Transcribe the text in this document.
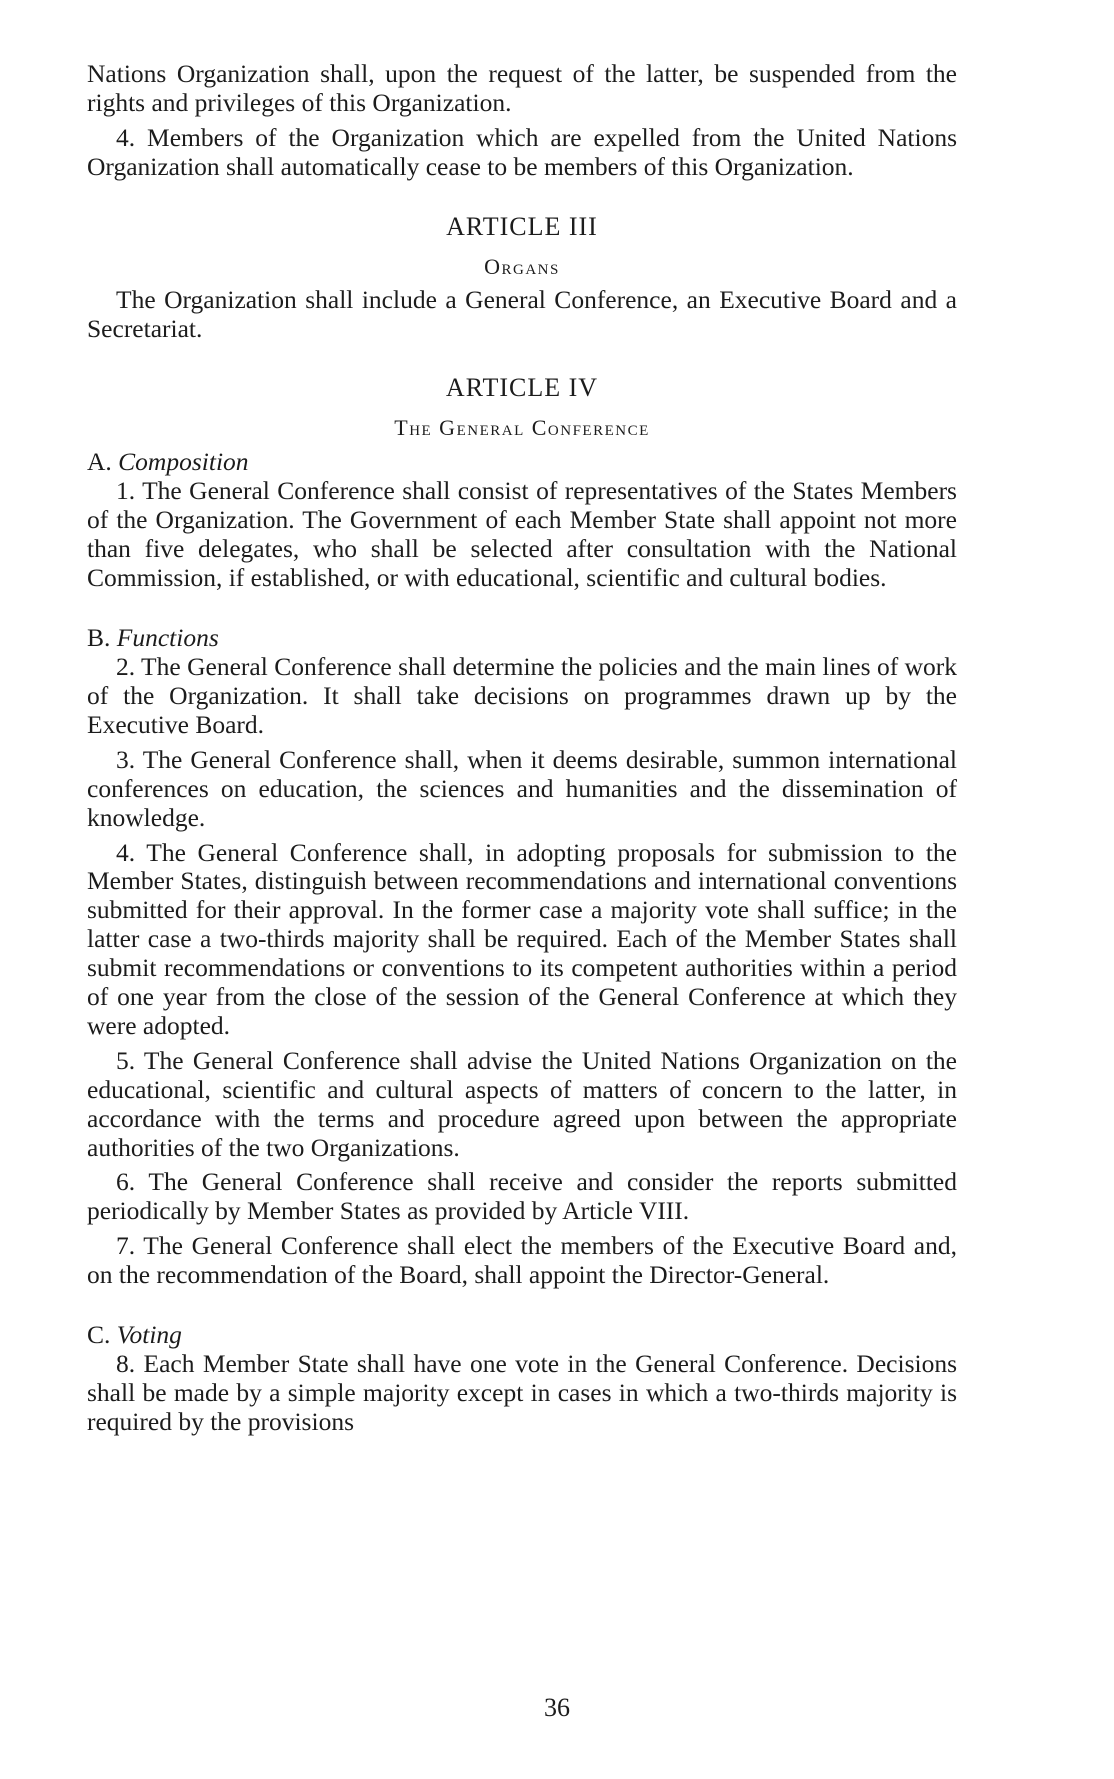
Nations Organization shall, upon the request of the latter, be suspended from the rights and privileges of this Organization.

4. Members of the Organization which are expelled from the United Nations Organization shall automatically cease to be members of this Organization.

ARTICLE III
Organs

The Organization shall include a General Conference, an Executive Board and a Secretariat.

ARTICLE IV
The General Conference
A. Composition

1. The General Conference shall consist of representatives of the States Members of the Organization. The Government of each Member State shall appoint not more than five delegates, who shall be selected after consultation with the National Commission, if established, or with educational, scientific and cultural bodies.

B. Functions

2. The General Conference shall determine the policies and the main lines of work of the Organization. It shall take decisions on programmes drawn up by the Executive Board.

3. The General Conference shall, when it deems desirable, summon international conferences on education, the sciences and humanities and the dissemination of knowledge.

4. The General Conference shall, in adopting proposals for submission to the Member States, distinguish between recommendations and international conventions submitted for their approval. In the former case a majority vote shall suffice; in the latter case a two-thirds majority shall be required. Each of the Member States shall submit recommendations or conventions to its competent authorities within a period of one year from the close of the session of the General Conference at which they were adopted.

5. The General Conference shall advise the United Nations Organization on the educational, scientific and cultural aspects of matters of concern to the latter, in accordance with the terms and procedure agreed upon between the appropriate authorities of the two Organizations.

6. The General Conference shall receive and consider the reports submitted periodically by Member States as provided by Article VIII.

7. The General Conference shall elect the members of the Executive Board and, on the recommendation of the Board, shall appoint the Director-General.

C. Voting

8. Each Member State shall have one vote in the General Conference. Decisions shall be made by a simple majority except in cases in which a two-thirds majority is required by the provisions

36
